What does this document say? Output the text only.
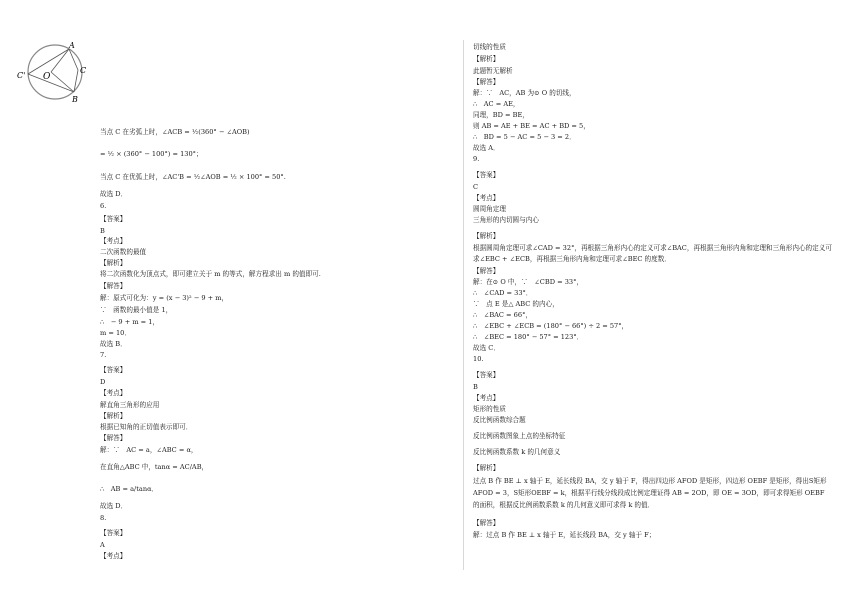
A
C
C' O
B
当点 C 在劣弧上时，∠ACB = ½(360° − ∠AOB)
= ½ × (360° − 100°) = 130°；
当点 C 在优弧上时，∠AC'B = ½∠AOB = ½ × 100° = 50°.
故选 D．
6.
【答案】
B
【考点】
二次函数的最值
【解析】
将二次函数化为顶点式，即可建立关于 m 的等式，解方程求出 m 的值即可.
【解答】
解：原式可化为：y = (x − 3)² − 9 + m，
∵　函数的最小值是 1，
∴　− 9 + m = 1，
m = 10．
故选 B．
7.
【答案】
D
【考点】
解直角三角形的应用
【解析】
根据已知角的正切值表示即可．
【解答】
解：∵　AC = a，∠ABC = α，
在直角△ABC 中，tanα = AC/AB，
∴　AB = a/tanα．
故选 D．
8.
【答案】
A
【考点】
切线的性质
【解析】
此题暂无解析
【解答】
解：∵　AC，AB 为⊙ O 的切线，
∴　AC = AE，
同理，BD = BE，
则 AB = AE + BE = AC + BD = 5，
∴　BD = 5 − AC = 5 − 3 = 2．
故选 A．
9.
【答案】
C
【考点】
圆周角定理
三角形的内切圆与内心
【解析】
根据圆周角定理可求∠CAD = 32°，再根据三角形内心的定义可求∠BAC，再根据三角形内角和定理和三角形内心的定义可求∠EBC + ∠ECB，再根据三角形内角和定理可求∠BEC 的度数．
【解答】
解：在⊙ O 中，∵　∠CBD = 33°，
∴　∠CAD = 33°．
∵　点 E 是△ ABC 的内心，
∴　∠BAC = 66°，
∴　∠EBC + ∠ECB = (180° − 66°) ÷ 2 = 57°，
∴　∠BEC = 180° − 57° = 123°．
故选 C．
10.
【答案】
B
【考点】
矩形的性质
反比例函数综合题
反比例函数图象上点的坐标特征
反比例函数系数 k 的几何意义
【解析】
过点 B 作 BE ⊥ x 轴于 E，延长线段 BA，交 y 轴于 F，得出四边形 AFOD 是矩形，四边形 OEBF 是矩形，得出S矩形AFOD = 3，S矩形OEBF = k，根据平行线分线段成比例定理证得 AB = 2OD，即 OE = 3OD，即可求得矩形 OEBF 的面积，根据反比例函数系数 k 的几何意义即可求得 k 的值．
【解答】
解：过点 B 作 BE ⊥ x 轴于 E，延长线段 BA，交 y 轴于 F；
